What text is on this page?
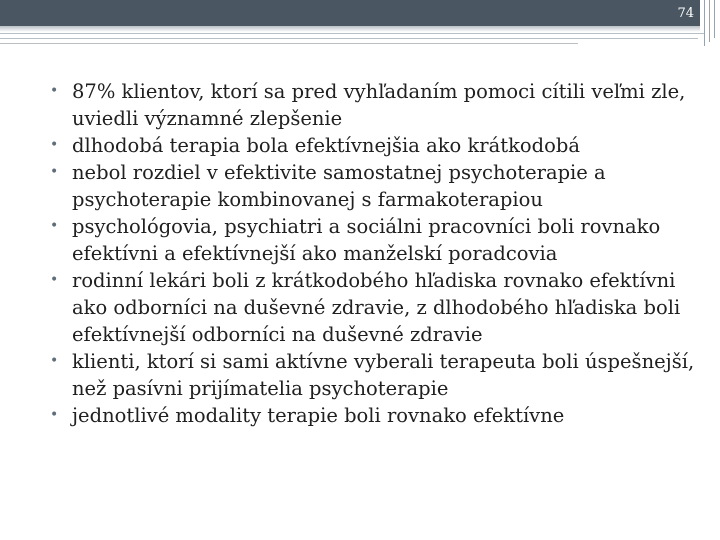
74
• 87% klientov, ktorí sa pred vyhľadaním pomoci cítili veľmi zle, uviedli významné zlepšenie
• dlhodobá terapia bola efektívnejšia ako krátkodobá
• nebol rozdiel v efektivite samostatnej psychoterapie a psychoterapie kombinovanej s farmakoterapiou
• psychológovia, psychiatri a sociálni pracovníci boli rovnako efektívni a efektívnejší ako manželskí poradcovia
• rodinní lekári boli z krátkodobého hľadiska rovnako efektívni ako odborníci na duševné zdravie, z dlhodobého hľadiska boli efektívnejší odborníci na duševné zdravie
• klienti, ktorí si sami aktívne vyberali terapeuta boli úspešnejší, než pasívni prijímatelia psychoterapie
• jednotlivé modality terapie boli rovnako efektívne
